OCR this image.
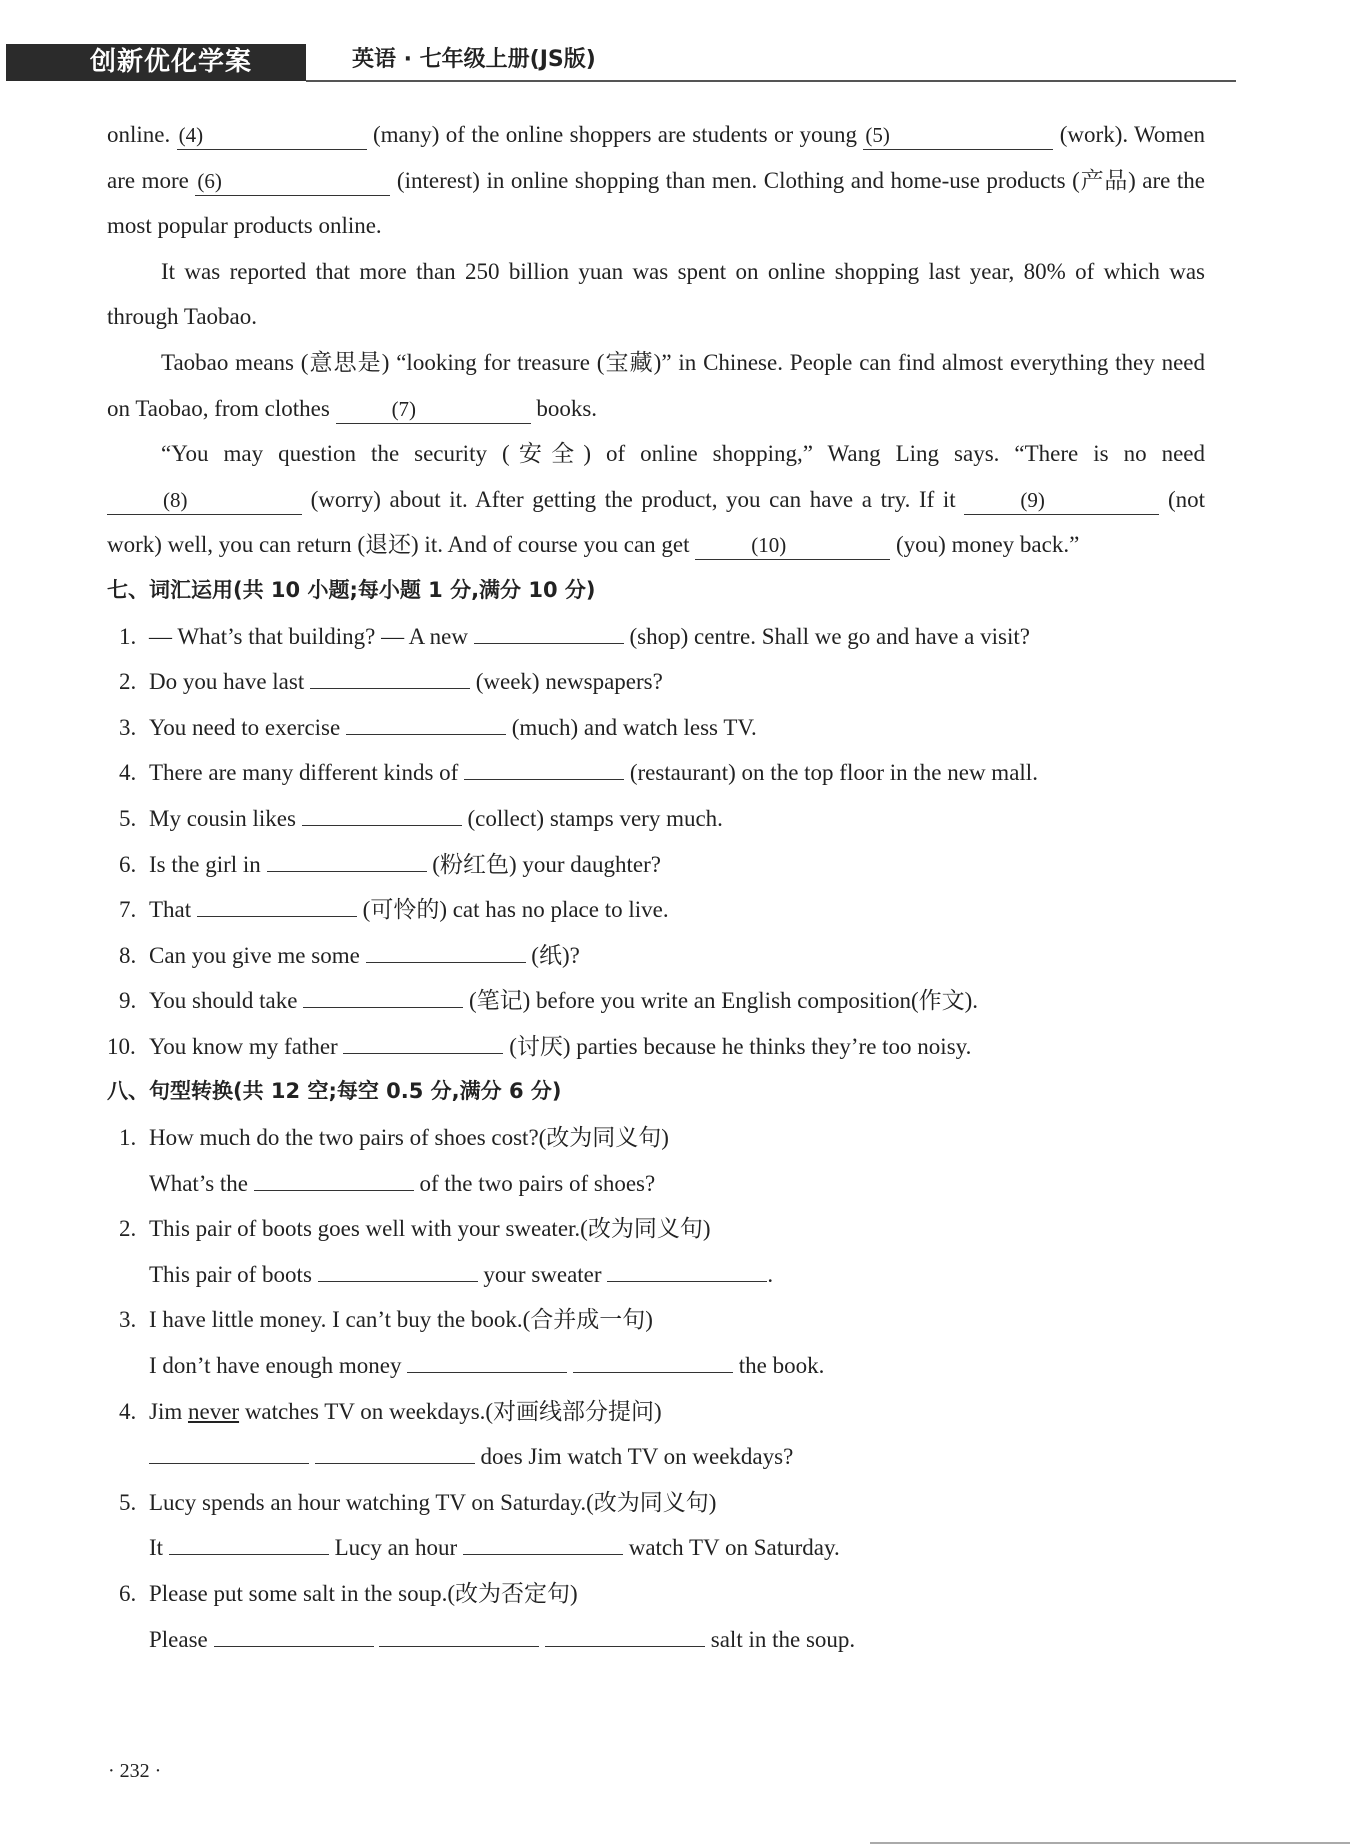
创新优化学案	英语 · 七年级上册(JS版)

online. (4)	(many) of the online shoppers are students or young (5)	(work). Women are more (6)	(interest) in online shopping than men. Clothing and home-use products (产品) are the most popular products online.

It was reported that more than 250 billion yuan was spent on online shopping last year, 80% of which was through Taobao.

Taobao means (意思是) “looking for treasure (宝藏)” in Chinese. People can find almost everything they need on Taobao, from clothes	(7)	books.

“You may question the security (安全) of online shopping,” Wang Ling says. “There is no need (8)	(worry) about it. After getting the product, you can have a try. If it	(9)	(not work) well, you can return (退还) it. And of course you can get	(10)	(you) money back.”

七、词汇运用(共 10 小题;每小题 1 分,满分 10 分)

1. — What’s that building? — A new	(shop) centre. Shall we go and have a visit?

2. Do you have last	(week) newspapers?

3. You need to exercise	(much) and watch less TV.

4. There are many different kinds of	(restaurant) on the top floor in the new mall.

5. My cousin likes	(collect) stamps very much.

6. Is the girl in	(粉红色) your daughter?

7. That	(可怜的) cat has no place to live.

8. Can you give me some	(纸)?

9. You should take	(笔记) before you write an English composition(作文).

10. You know my father	(讨厌) parties because he thinks they’re too noisy.

八、句型转换(共 12 空;每空 0.5 分,满分 6 分)

1. How much do the two pairs of shoes cost?(改为同义句)

What’s the	of the two pairs of shoes?

2. This pair of boots goes well with your sweater.(改为同义句)

This pair of boots	your sweater	.

3. I have little money. I can’t buy the book.(合并成一句)

I don’t have enough money	the book.

4. Jim never watches TV on weekdays.(对画线部分提问)

does Jim watch TV on weekdays?

5. Lucy spends an hour watching TV on Saturday.(改为同义句)

It	Lucy an hour	watch TV on Saturday.

6. Please put some salt in the soup.(改为否定句)

Please	salt in the soup.

· 232 ·
